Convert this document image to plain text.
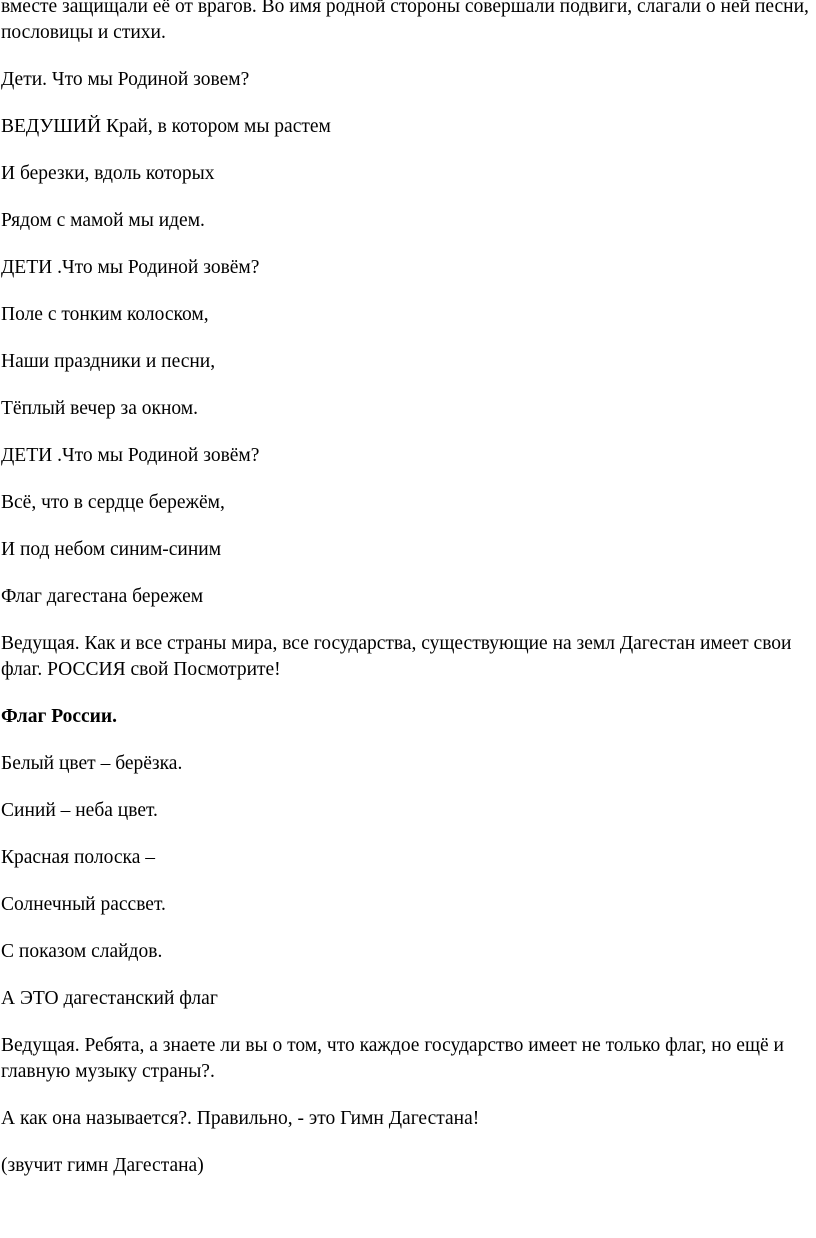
вместе защищали её от врагов. Во имя родной стороны совершали подвиги, слагали о ней песни, пословицы и стихи.

Дети. Что мы Родиной зовем?

ВЕДУШИЙ Край, в котором мы растем

И березки, вдоль которых

Рядом с мамой мы идем.

ДЕТИ .Что мы Родиной зовём?

Поле с тонким колоском,

Наши праздники и песни,

Тёплый вечер за окном.

ДЕТИ .Что мы Родиной зовём?

Всё, что в сердце бережём,

И под небом синим-синим

Флаг дагестана бережем

Ведущая. Как и все страны мира, все государства, существующие на земл Дагестан имеет свои флаг. РОССИЯ свой Посмотрите!

Флаг России.

Белый цвет – берёзка.

Синий – неба цвет.

Красная полоска –

Солнечный рассвет.

С показом слайдов.

А ЭТО дагестанский флаг

Ведущая. Ребята, а знаете ли вы о том, что каждое государство имеет не только флаг, но ещё и главную музыку страны?.

А как она называется?. Правильно, - это Гимн Дагестана!

(звучит гимн Дагестана)
